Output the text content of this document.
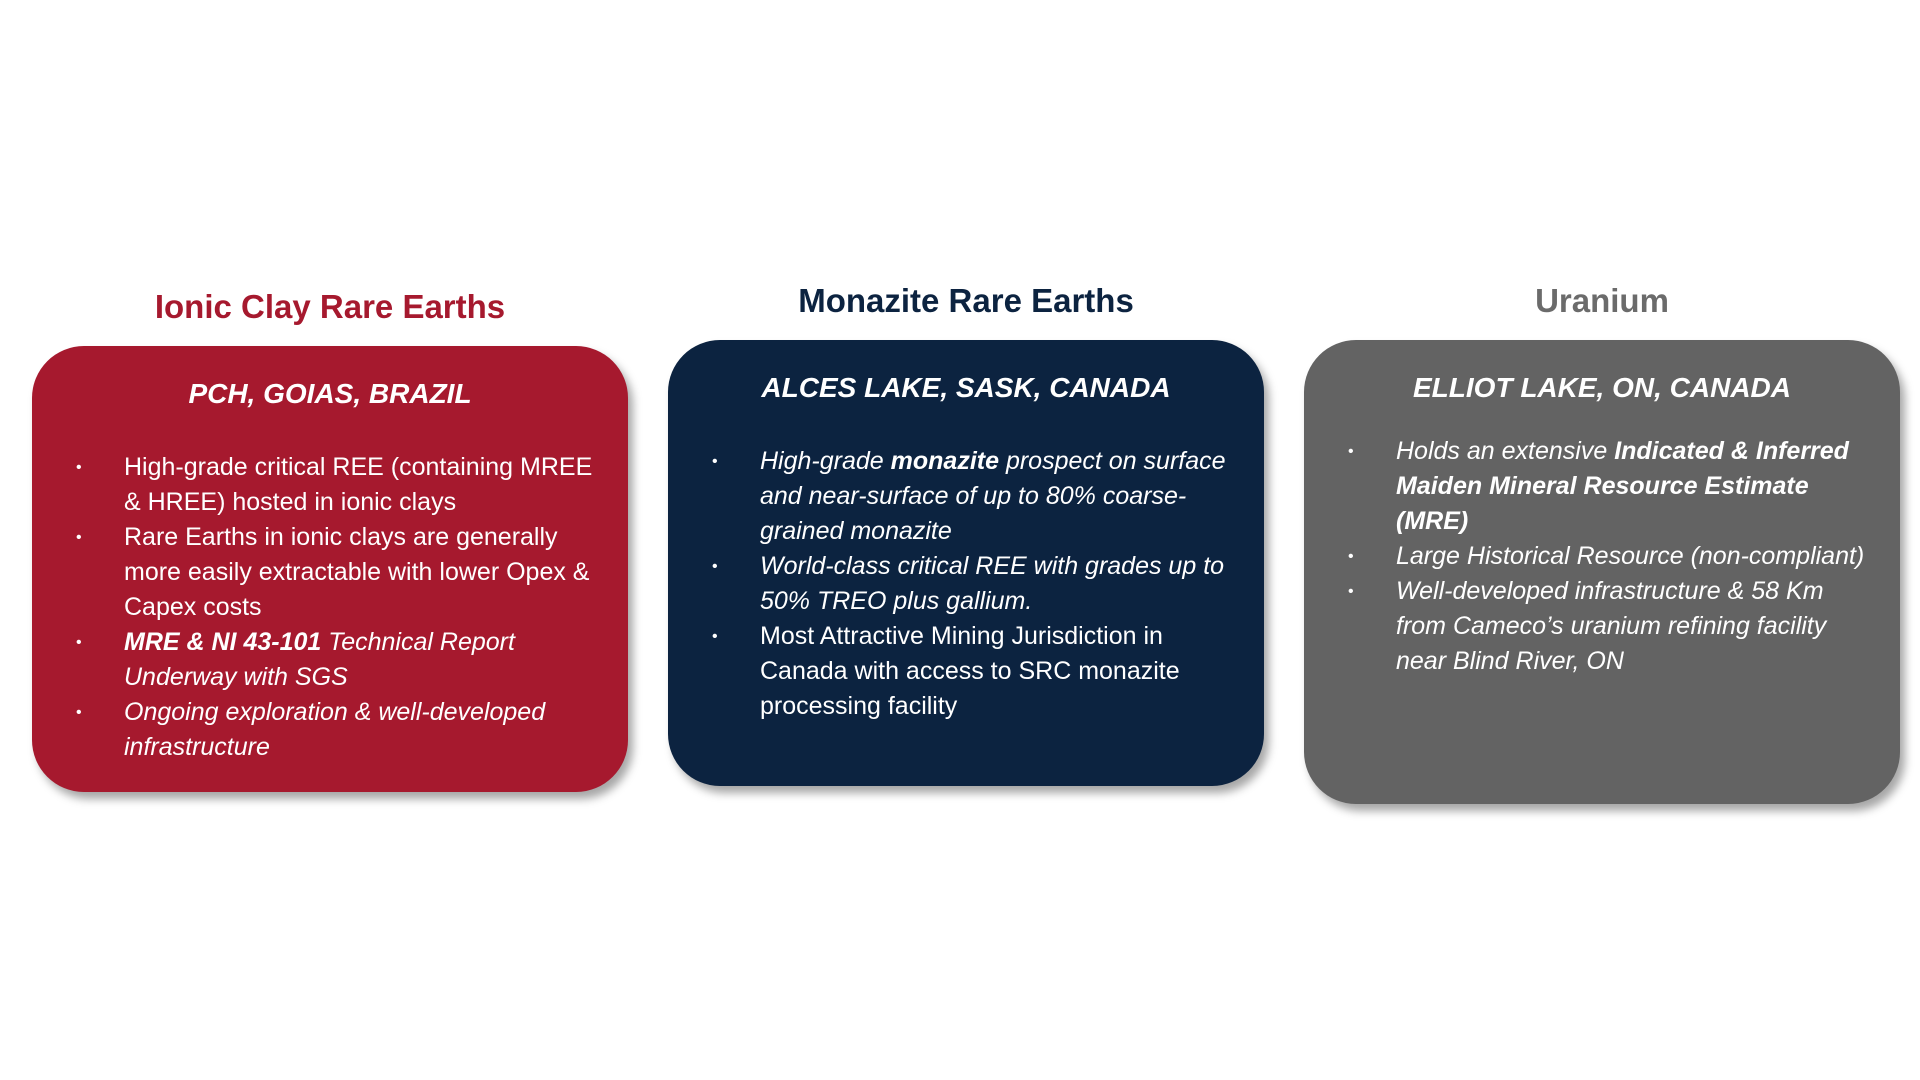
Ionic Clay Rare Earths
PCH, GOIAS, BRAZIL
• High-grade critical REE (containing MREE & HREE) hosted in ionic clays
• Rare Earths in ionic clays are generally more easily extractable with lower Opex & Capex costs
• MRE & NI 43-101 Technical Report Underway with SGS
• Ongoing exploration & well-developed infrastructure
Monazite Rare Earths
ALCES LAKE, SASK, CANADA
• High-grade monazite prospect on surface and near-surface of up to 80% coarse-grained monazite
• World-class critical REE with grades up to 50% TREO plus gallium.
• Most Attractive Mining Jurisdiction in Canada with access to SRC monazite processing facility
Uranium
ELLIOT LAKE, ON, CANADA
• Holds an extensive Indicated & Inferred Maiden Mineral Resource Estimate (MRE)
• Large Historical Resource (non-compliant)
• Well-developed infrastructure & 58 Km from Cameco’s uranium refining facility near Blind River, ON
